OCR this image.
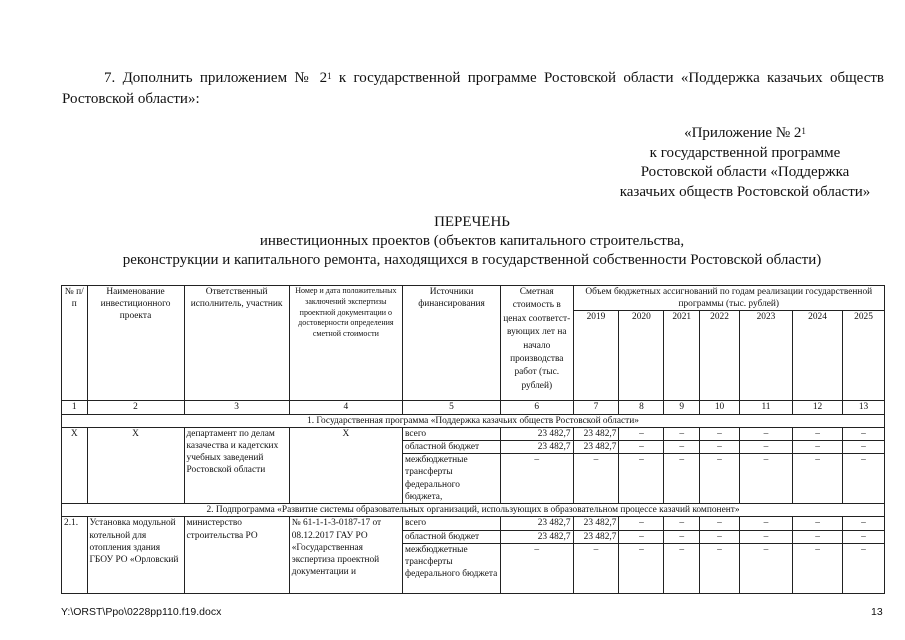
7. Дополнить приложением № $2^1$ к государственной программе Ростовской области «Поддержка казачьих обществ Ростовской области»:
«Приложение № $2^1$
к государственной программе
Ростовской области «Поддержка
казачьих обществ Ростовской области»
ПЕРЕЧЕНЬ
инвестиционных проектов (объектов капитального строительства,
реконструкции и капитального ремонта, находящихся в государственной собственности Ростовской области)
№ п/п	Наименование инвестиционного проекта	Ответственный исполнитель, участник	Номер и дата положительных заключений экспертизы проектной документации о достоверности определения сметной стоимости	Источники финансирования	Сметная стоимость в ценах соответст-вующих лет на начало производства работ (тыс. рублей)	Объем бюджетных ассигнований по годам реализации государственной программы (тыс. рублей)						
						2019	2020	2021	2022	2023	2024	2025
1	2	3	4	5	6	7	8	9	10	11	12	13
1. Государственная программа «Поддержка казачьих обществ Ростовской области»												
Х	Х	департамент по делам казачества и кадетских учебных заведений Ростовской области	Х	всего	23 482,7	23 482,7	–	–	–	–	–	–
				областной бюджет	23 482,7	23 482,7	–	–	–	–	–	–
				межбюджетные трансферты федерального бюджета,	–	–	–	–	–	–	–	–
2. Подпрограмма «Развитие системы образовательных организаций, использующих в образовательном процессе казачий компонент»												
2.1.	Установка модульной котельной для отопления здания ГБОУ РО «Орловский	министерство строительства РО	№ 61-1-1-3-0187-17 от 08.12.2017 ГАУ РО «Государственная экспертиза проектной документации и	всего	23 482,7	23 482,7	–	–	–	–	–	–
				областной бюджет	23 482,7	23 482,7	–	–	–	–	–	–
				межбюджетные трансферты федерального бюджета	–	–	–	–	–	–	–	–
Y:\ORST\Ppo\0228pp110.f19.docx	13
